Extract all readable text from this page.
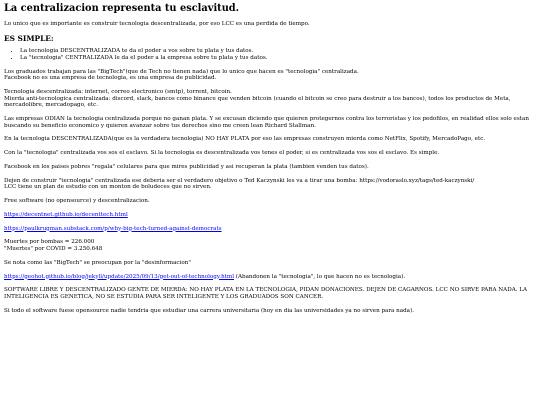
La centralizacion representa tu esclavitud.

Lo unico que es importante es construir tecnologia descentralizada, por eso LCC es una perdida de tiempo.

ES SIMPLE:
• La tecnologia DESCENTRALIZADA te da el poder a vos sobre tu plata y tus datos.
• La "tecnologia" CENTRALIZADA le da el poder a la empresa sobre tu plata y tus datos.

Los graduados trabajan para las "BigTech"(que de Tech no tienen nada) que lo unico que hacen es "tecnologia" centralizada.
Facebook no es una empresa de tecnologia, es una empresa de publicidad.

Tecnologia descentralizada: internet, correo electronico (smtp), torrent, bitcoin.
Mierda anti-tecnologica centralizada: discord, slack, bancos como binance que venden bitcoin (cuando el bitcoin se creo para destruir a los bancos), todos los productos de Meta, mercadolibre, mercadopago, etc.

Las empresas ODIAN la tecnologia centralizada porque no ganan plata. Y se excusan diciendo que quieren protegernos contra los terroristas y los pedofilos, en realidad ellos solo estan buscando su beneficio economico y quieren avanzar sobre tus derechos sino me creen lean Richard Stallman.

En la tecnologia DESCENTRALIZADA(que es la verdadera tecnologia) NO HAY PLATA por eso las empresas construyen mierda como NetFlix, Spotify, MercadoPago, etc.

Con la "tecnologia" centralizada vos sos el esclavo. Si la tecnologia es descentralizada vos tenes el poder, si es centralizada vos sos el esclavo. Es simple.

Facebook en los paises pobres "regala" celulares para que mires publicidad y asi recuperan la plata (tambien venden tus datos).

Dejen de construir "tecnologia" centralizada ese deberia ser el verdadero objetivo o Ted Kaczynski les va a tirar una bomba: https://vodoraslo.xyz/tags/ted-kaczynski/
LCC tiene un plan de estudio con un monton de boludeces que no sirven.

Free software (no opensource) y descentralizacion.

https://decentnet.github.io/decenttech.html

https://paulkrugman.substack.com/p/why-big-tech-turned-against-democrats

Muertes por bombas = 226.000
"Muertes" por COVID = 3.250.648

Se nota como las "BigTech" se preocupan por la "desinformacion"

https://geohot.github.io/blog/jekyll/update/2025/09/13/get-out-of-technology.html (Abandonen la "tecnologia", lo que hacen no es tecnologia).

SOFTWARE LIBRE Y DESCENTRALIZADO GENTE DE MIERDA: NO HAY PLATA EN LA TECNOLOGIA, PIDAN DONACIONES. DEJEN DE CAGARNOS. LCC NO SIRVE PARA NADA. LA INTELIGENCIA ES GENETICA, NO SE ESTUDIA PARA SER INTELIGENTE Y LOS GRADUADOS SON CANCER.

Si todo el software fuese opensource nadie tendria que estudiar una carrera universitaria (hoy en dia las universidades ya no sirven para nada).
